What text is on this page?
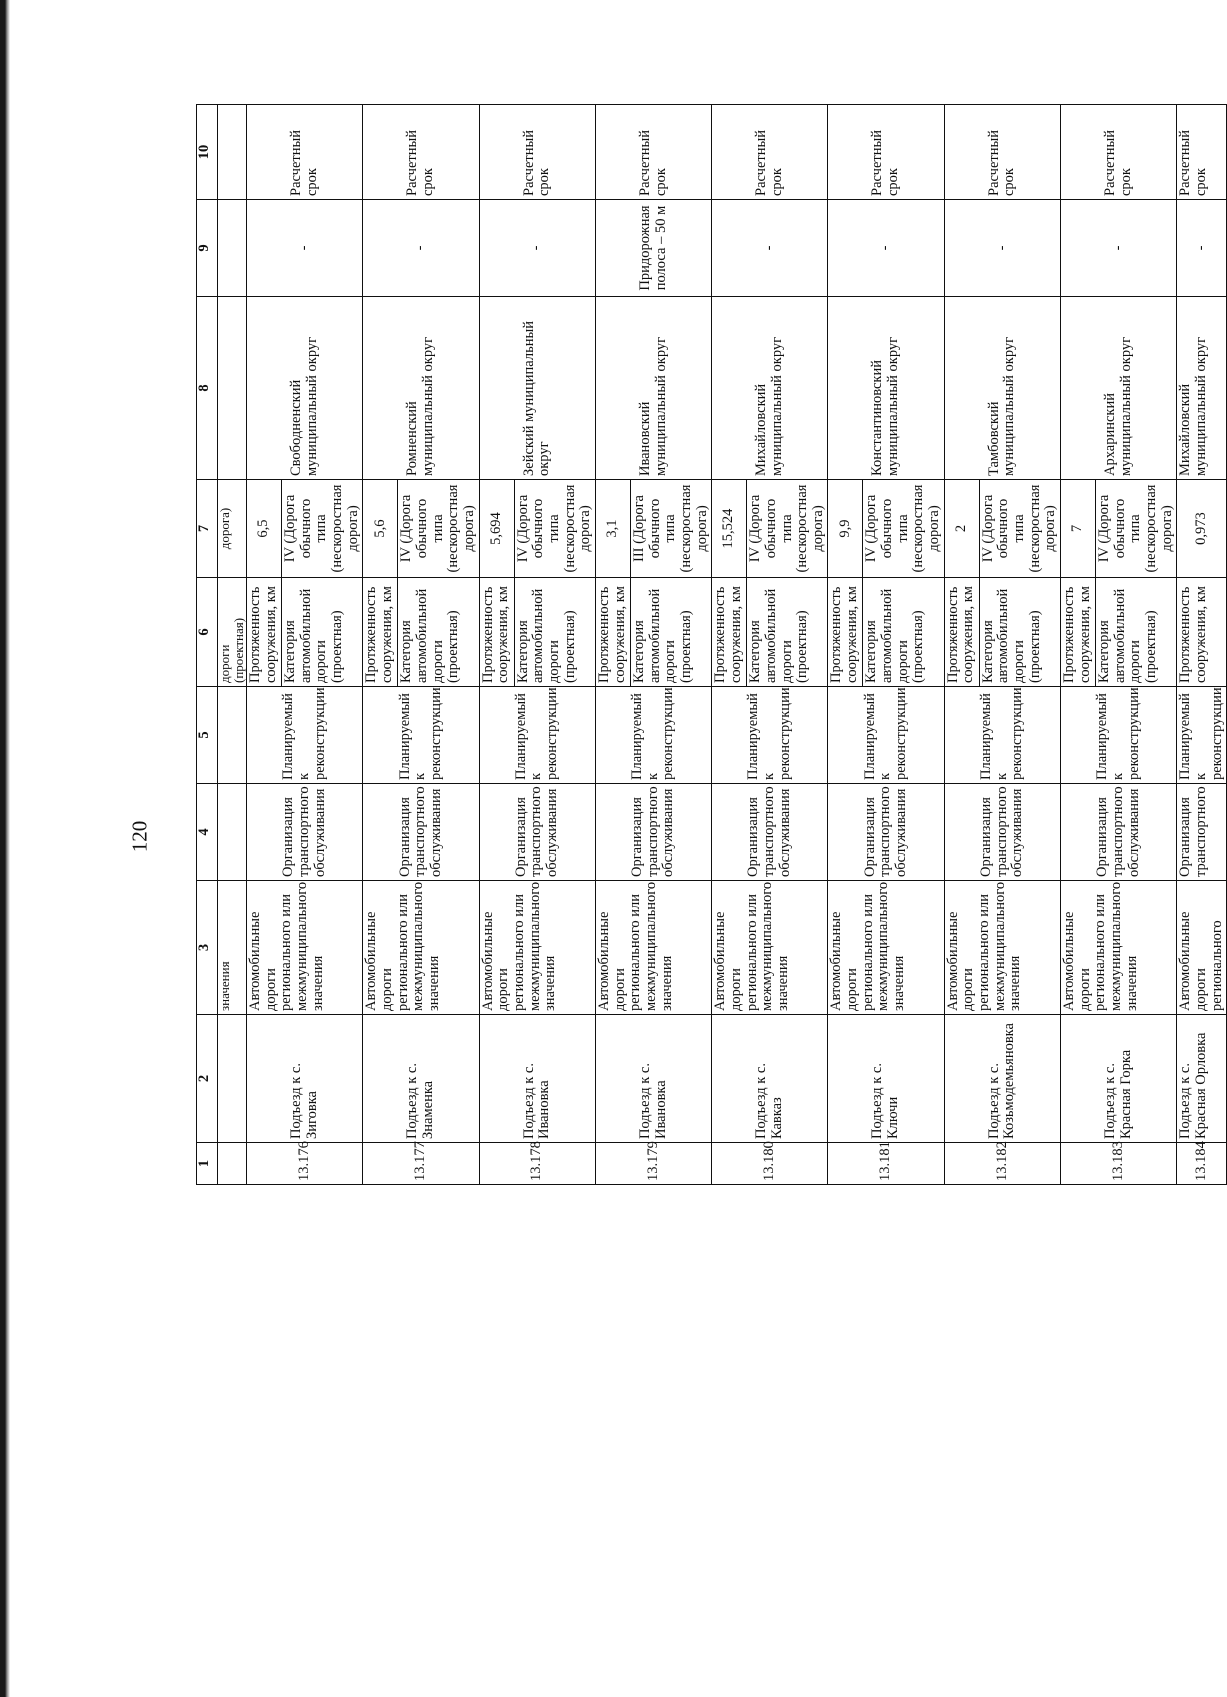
120
1	2	3	4	5	6	7	8	9	10
		значения			дороги (проектная)	дорога)			
13.176	Подъезд к с. Зиговка	Автомобильные дороги регионального или межмуниципального значения	Организация транспортного обслуживания	Планируемый к реконструкции	Протяженность сооружения, км	6,5	Свободненский муниципальный округ	-	Расчетный срок
					Категория автомобильной дороги (проектная)	IV (Дорога обычного типа (нескоростная дорога)			
13.177	Подъезд к с. Знаменка	Автомобильные дороги регионального или межмуниципального значения	Организация транспортного обслуживания	Планируемый к реконструкции	Протяженность сооружения, км	5,6	Ромненский муниципальный округ	-	Расчетный срок
					Категория автомобильной дороги (проектная)	IV (Дорога обычного типа (нескоростная дорога)			
13.178	Подъезд к с. Ивановка	Автомобильные дороги регионального или межмуниципального значения	Организация транспортного обслуживания	Планируемый к реконструкции	Протяженность сооружения, км	5,694	Зейский муниципальный округ	-	Расчетный срок
					Категория автомобильной дороги (проектная)	IV (Дорога обычного типа (нескоростная дорога)			
13.179	Подъезд к с. Ивановка	Автомобильные дороги регионального или межмуниципального значения	Организация транспортного обслуживания	Планируемый к реконструкции	Протяженность сооружения, км	3,1	Ивановский муниципальный округ	Придорожная полоса – 50 м	Расчетный срок
					Категория автомобильной дороги (проектная)	III (Дорога обычного типа (нескоростная дорога)			
13.180	Подъезд к с. Кавказ	Автомобильные дороги регионального или межмуниципального значения	Организация транспортного обслуживания	Планируемый к реконструкции	Протяженность сооружения, км	15,524	Михайловский муниципальный округ	-	Расчетный срок
					Категория автомобильной дороги (проектная)	IV (Дорога обычного типа (нескоростная дорога)			
13.181	Подъезд к с. Ключи	Автомобильные дороги регионального или межмуниципального значения	Организация транспортного обслуживания	Планируемый к реконструкции	Протяженность сооружения, км	9,9	Константиновский муниципальный округ	-	Расчетный срок
					Категория автомобильной дороги (проектная)	IV (Дорога обычного типа (нескоростная дорога)			
13.182	Подъезд к с. Козьмодемьяновка	Автомобильные дороги регионального или межмуниципального значения	Организация транспортного обслуживания	Планируемый к реконструкции	Протяженность сооружения, км	2	Тамбовский муниципальный округ	-	Расчетный срок
					Категория автомобильной дороги (проектная)	IV (Дорога обычного типа (нескоростная дорога)			
13.183	Подъезд к с. Красная Горка	Автомобильные дороги регионального или межмуниципального значения	Организация транспортного обслуживания	Планируемый к реконструкции	Протяженность сооружения, км	7	Архаринский муниципальный округ	-	Расчетный срок
					Категория автомобильной дороги (проектная)	IV (Дорога обычного типа (нескоростная дорога)			
13.184	Подъезд к с. Красная Орловка	Автомобильные дороги регионального	Организация транспортного	Планируемый к реконструкции	Протяженность сооружения, км	0,973	Михайловский муниципальный округ	-	Расчетный срок
